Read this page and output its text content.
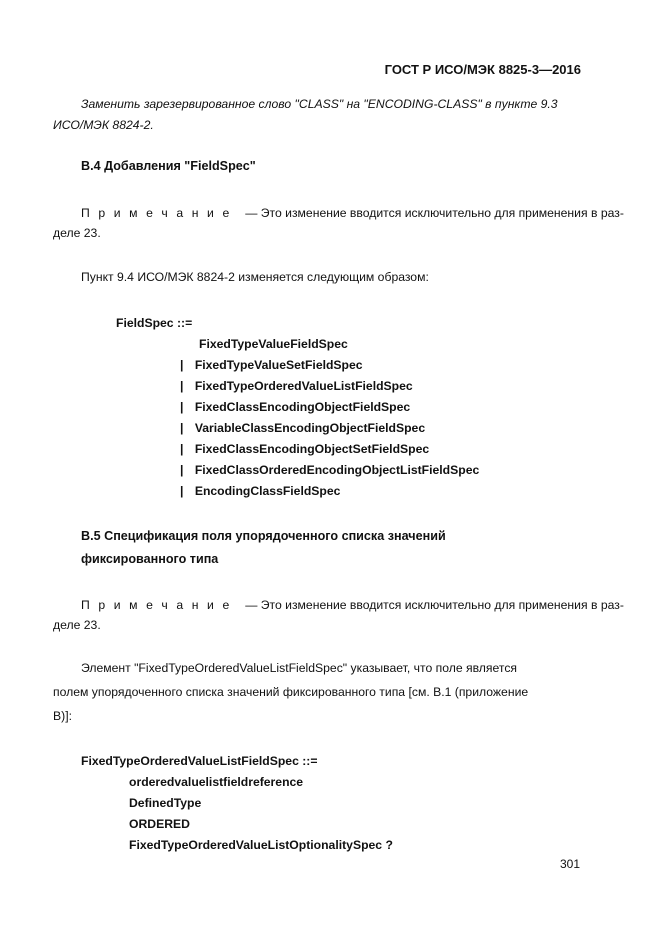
ГОСТ Р ИСО/МЭК 8825-3—2016
Заменить зарезервированное слово "CLASS" на "ENCODING-CLASS" в пункте 9.3
ИСО/МЭК 8824-2.
В.4 Добавления "FieldSpec"
П р и м е ч а н и е — Это изменение вводится исключительно для применения в раз-
деле 23.
Пункт 9.4 ИСО/МЭК 8824-2 изменяется следующим образом:
FieldSpec ::=
FixedTypeValueFieldSpec
| FixedTypeValueSetFieldSpec
| FixedTypeOrderedValueListFieldSpec
| FixedClassEncodingObjectFieldSpec
| VariableClassEncodingObjectFieldSpec
| FixedClassEncodingObjectSetFieldSpec
| FixedClassOrderedEncodingObjectListFieldSpec
| EncodingClassFieldSpec
В.5 Спецификация поля упорядоченного списка значений
фиксированного типа
П р и м е ч а н и е — Это изменение вводится исключительно для применения в раз-
деле 23.
Элемент "FixedTypeOrderedValueListFieldSpec" указывает, что поле является
полем упорядоченного списка значений фиксированного типа [см. В.1 (приложение
В)]:
FixedTypeOrderedValueListFieldSpec ::=
orderedvaluelistfieldreference
DefinedType
ORDERED
FixedTypeOrderedValueListOptionalitySpec ?
301
